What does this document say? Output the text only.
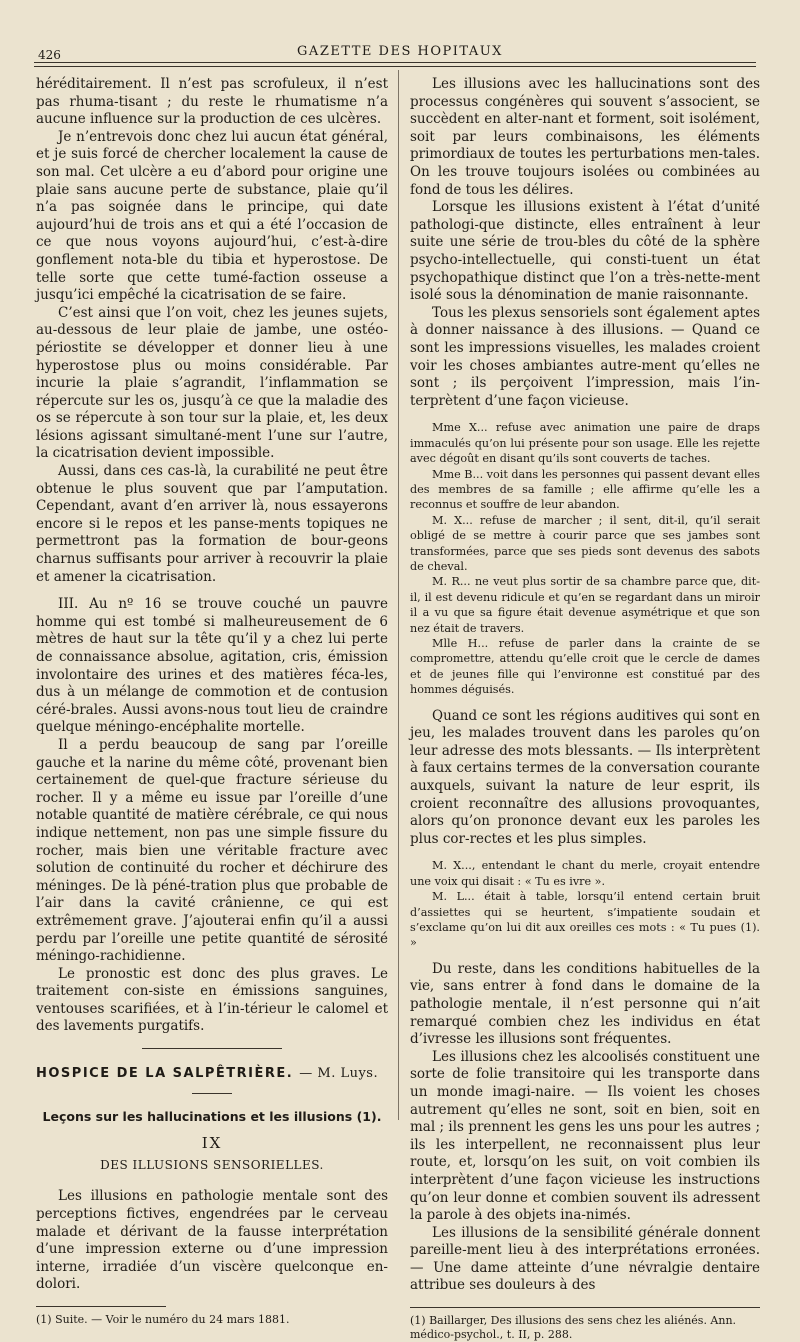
426	GAZETTE DES HOPITAUX

héréditairement. Il n’est pas scrofuleux, il n’est pas rhuma-tisant ; du reste le rhumatisme n’a aucune influence sur la production de ces ulcères.

Je n’entrevois donc chez lui aucun état général, et je suis forcé de chercher localement la cause de son mal. Cet ulcère a eu d’abord pour origine une plaie sans aucune perte de substance, plaie qu’il n’a pas soignée dans le principe, qui date aujourd’hui de trois ans et qui a été l’occasion de ce que nous voyons aujourd’hui, c’est-à-dire gonflement nota-ble du tibia et hyperostose. De telle sorte que cette tumé-faction osseuse a jusqu’ici empêché la cicatrisation de se faire.

C’est ainsi que l’on voit, chez les jeunes sujets, au-dessous de leur plaie de jambe, une ostéo-périostite se développer et donner lieu à une hyperostose plus ou moins considérable. Par incurie la plaie s’agrandit, l’inflammation se répercute sur les os, jusqu’à ce que la maladie des os se répercute à son tour sur la plaie, et, les deux lésions agissant simultané-ment l’une sur l’autre, la cicatrisation devient impossible.

Aussi, dans ces cas-là, la curabilité ne peut être obtenue le plus souvent que par l’amputation. Cependant, avant d’en arriver là, nous essayerons encore si le repos et les panse-ments topiques ne permettront pas la formation de bour-geons charnus suffisants pour arriver à recouvrir la plaie et amener la cicatrisation.

III. Au nº 16 se trouve couché un pauvre homme qui est tombé si malheureusement de 6 mètres de haut sur la tête qu’il y a chez lui perte de connaissance absolue, agitation, cris, émission involontaire des urines et des matières féca-les, dus à un mélange de commotion et de contusion céré-brales. Aussi avons-nous tout lieu de craindre quelque méningo-encéphalite mortelle.

Il a perdu beaucoup de sang par l’oreille gauche et la narine du même côté, provenant bien certainement de quel-que fracture sérieuse du rocher. Il y a même eu issue par l’oreille d’une notable quantité de matière cérébrale, ce qui nous indique nettement, non pas une simple fissure du rocher, mais bien une véritable fracture avec solution de continuité du rocher et déchirure des méninges. De là péné-tration plus que probable de l’air dans la cavité crânienne, ce qui est extrêmement grave. J’ajouterai enfin qu’il a aussi perdu par l’oreille une petite quantité de sérosité méningo-rachidienne.

Le pronostic est donc des plus graves. Le traitement con-siste en émissions sanguines, ventouses scarifiées, et à l’in-térieur le calomel et des lavements purgatifs.

HOSPICE DE LA SALPÊTRIÈRE. — M. Luys.
Leçons sur les hallucinations et les illusions (1).
IX
DES ILLUSIONS SENSORIELLES.

Les illusions en pathologie mentale sont des perceptions fictives, engendrées par le cerveau malade et dérivant de la fausse interprétation d’une impression externe ou d’une impression interne, irradiée d’un viscère quelconque en-dolori.

(1) Suite. — Voir le numéro du 24 mars 1881.

Les illusions avec les hallucinations sont des processus congénères qui souvent s’associent, se succèdent en alter-nant et forment, soit isolément, soit par leurs combinaisons, les éléments primordiaux de toutes les perturbations men-tales. On les trouve toujours isolées ou combinées au fond de tous les délires.

Lorsque les illusions existent à l’état d’unité pathologi-que distincte, elles entraînent à leur suite une série de trou-bles du côté de la sphère psycho-intellectuelle, qui consti-tuent un état psychopathique distinct que l’on a très-nette-ment isolé sous la dénomination de manie raisonnante.

Tous les plexus sensoriels sont également aptes à donner naissance à des illusions. — Quand ce sont les impressions visuelles, les malades croient voir les choses ambiantes autre-ment qu’elles ne sont ; ils perçoivent l’impression, mais l’in-terprètent d’une façon vicieuse.

Mme X... refuse avec animation une paire de draps immaculés qu’on lui présente pour son usage. Elle les rejette avec dégoût en disant qu’ils sont couverts de taches.

Mme B... voit dans les personnes qui passent devant elles des membres de sa famille ; elle affirme qu’elle les a reconnus et souffre de leur abandon.

M. X... refuse de marcher ; il sent, dit-il, qu’il serait obligé de se mettre à courir parce que ses jambes sont transformées, parce que ses pieds sont devenus des sabots de cheval.

M. R... ne veut plus sortir de sa chambre parce que, dit-il, il est devenu ridicule et qu’en se regardant dans un miroir il a vu que sa figure était devenue asymétrique et que son nez était de travers.

Mlle H... refuse de parler dans la crainte de se compromettre, attendu qu’elle croit que le cercle de dames et de jeunes fille qui l’environne est constitué par des hommes déguisés.

Quand ce sont les régions auditives qui sont en jeu, les malades trouvent dans les paroles qu’on leur adresse des mots blessants. — Ils interprètent à faux certains termes de la conversation courante auxquels, suivant la nature de leur esprit, ils croient reconnaître des allusions provoquantes, alors qu’on prononce devant eux les paroles les plus cor-rectes et les plus simples.

M. X..., entendant le chant du merle, croyait entendre une voix qui disait : « Tu es ivre ».

M. L... était à table, lorsqu’il entend certain bruit d’assiettes qui se heurtent, s’impatiente soudain et s’exclame qu’on lui dit aux oreilles ces mots : « Tu pues (1). »

Du reste, dans les conditions habituelles de la vie, sans entrer à fond dans le domaine de la pathologie mentale, il n’est personne qui n’ait remarqué combien chez les individus en état d’ivresse les illusions sont fréquentes.

Les illusions chez les alcoolisés constituent une sorte de folie transitoire qui les transporte dans un monde imagi-naire. — Ils voient les choses autrement qu’elles ne sont, soit en bien, soit en mal ; ils prennent les gens les uns pour les autres ; ils les interpellent, ne reconnaissent plus leur route, et, lorsqu’on les suit, on voit combien ils interprètent d’une façon vicieuse les instructions qu’on leur donne et combien souvent ils adressent la parole à des objets ina-nimés.

Les illusions de la sensibilité générale donnent pareille-ment lieu à des interprétations erronées. — Une dame atteinte d’une névralgie dentaire attribue ses douleurs à des

(1) Baillarger, Des illusions des sens chez les aliénés. Ann. médico-psychol., t. II, p. 288.
